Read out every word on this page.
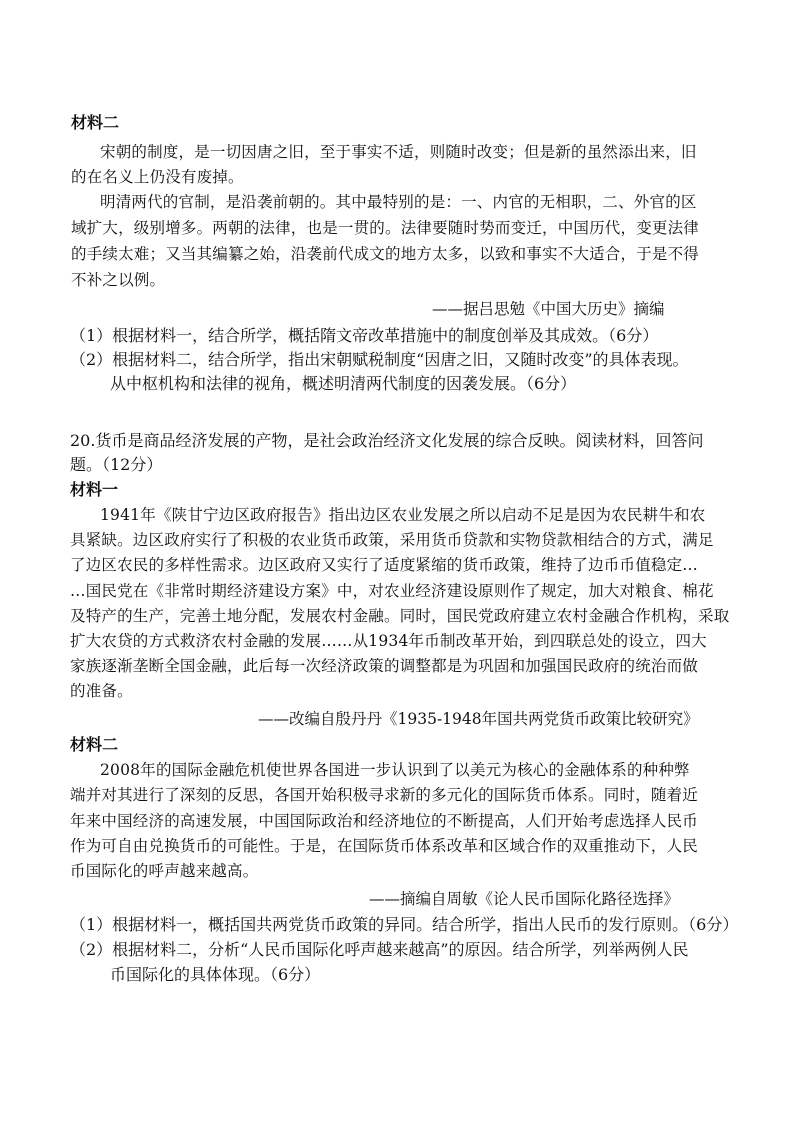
材料二
宋朝的制度，是一切因唐之旧，至于事实不适，则随时改变；但是新的虽然添出来，旧
的在名义上仍没有废掉。
明清两代的官制，是沿袭前朝的。其中最特别的是：一、内官的无相职，二、外官的区
域扩大，级别增多。两朝的法律，也是一贯的。法律要随时势而变迁，中国历代，变更法律
的手续太难；又当其编纂之始，沿袭前代成文的地方太多，以致和事实不大适合，于是不得
不补之以例。
——据吕思勉《中国大历史》摘编
（1）根据材料一，结合所学，概括隋文帝改革措施中的制度创举及其成效。（6分）
（2）根据材料二，结合所学，指出宋朝赋税制度“因唐之旧，又随时改变”的具体表现。
从中枢机构和法律的视角，概述明清两代制度的因袭发展。（6分）
20.货币是商品经济发展的产物，是社会政治经济文化发展的综合反映。阅读材料，回答问
题。（12分）
材料一
1941年《陕甘宁边区政府报告》指出边区农业发展之所以启动不足是因为农民耕牛和农
具紧缺。边区政府实行了积极的农业货币政策，采用货币贷款和实物贷款相结合的方式，满足
了边区农民的多样性需求。边区政府又实行了适度紧缩的货币政策，维持了边币币值稳定…
…国民党在《非常时期经济建设方案》中，对农业经济建设原则作了规定，加大对粮食、棉花
及特产的生产，完善土地分配，发展农村金融。同时，国民党政府建立农村金融合作机构，采取
扩大农贷的方式救济农村金融的发展……从1934年币制改革开始，到四联总处的设立，四大
家族逐渐垄断全国金融，此后每一次经济政策的调整都是为巩固和加强国民政府的统治而做
的准备。
——改编自殷丹丹《1935-1948年国共两党货币政策比较研究》
材料二
2008年的国际金融危机使世界各国进一步认识到了以美元为核心的金融体系的种种弊
端并对其进行了深刻的反思，各国开始积极寻求新的多元化的国际货币体系。同时，随着近
年来中国经济的高速发展，中国国际政治和经济地位的不断提高，人们开始考虑选择人民币
作为可自由兑换货币的可能性。于是，在国际货币体系改革和区域合作的双重推动下，人民
币国际化的呼声越来越高。
——摘编自周敏《论人民币国际化路径选择》
（1）根据材料一，概括国共两党货币政策的异同。结合所学，指出人民币的发行原则。（6分）
（2）根据材料二，分析“人民币国际化呼声越来越高”的原因。结合所学，列举两例人民
币国际化的具体体现。（6分）
